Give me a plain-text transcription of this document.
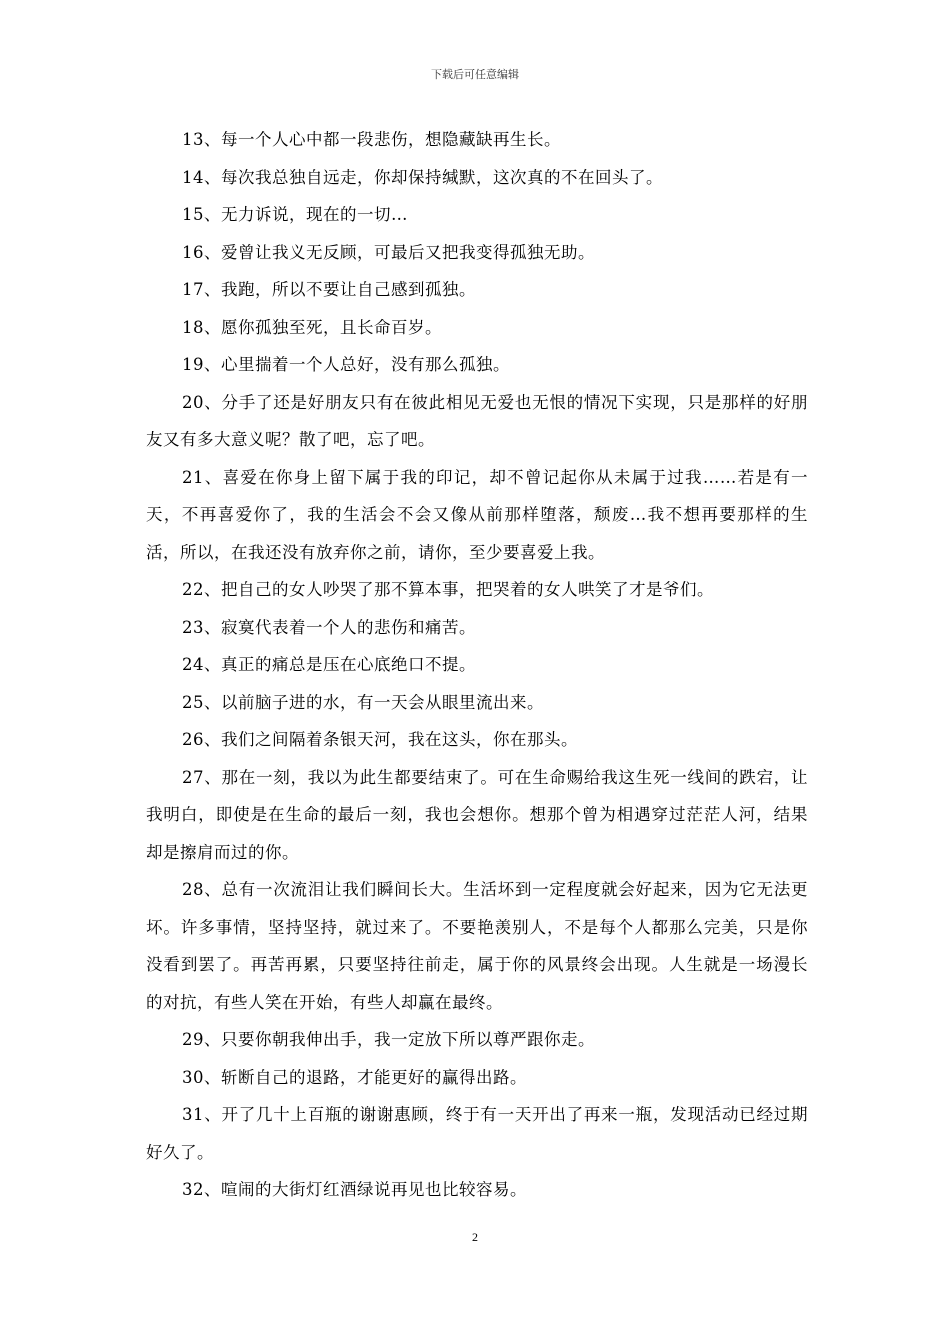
下载后可任意编辑

13、每一个人心中都一段悲伤，想隐藏缺再生长。

14、每次我总独自远走，你却保持缄默，这次真的不在回头了。

15、无力诉说，现在的一切…

16、爱曾让我义无反顾，可最后又把我变得孤独无助。

17、我跑，所以不要让自己感到孤独。

18、愿你孤独至死，且长命百岁。

19、心里揣着一个人总好，没有那么孤独。

20、分手了还是好朋友只有在彼此相见无爱也无恨的情况下实现，只是那样的好朋友又有多大意义呢？散了吧，忘了吧。

21、喜爱在你身上留下属于我的印记，却不曾记起你从未属于过我……若是有一天，不再喜爱你了，我的生活会不会又像从前那样堕落，颓废…我不想再要那样的生活，所以，在我还没有放弃你之前，请你，至少要喜爱上我。

22、把自己的女人吵哭了那不算本事，把哭着的女人哄笑了才是爷们。

23、寂寞代表着一个人的悲伤和痛苦。

24、真正的痛总是压在心底绝口不提。

25、以前脑子进的水，有一天会从眼里流出来。

26、我们之间隔着条银天河，我在这头，你在那头。

27、那在一刻，我以为此生都要结束了。可在生命赐给我这生死一线间的跌宕，让我明白，即使是在生命的最后一刻，我也会想你。想那个曾为相遇穿过茫茫人河，结果却是擦肩而过的你。

28、总有一次流泪让我们瞬间长大。生活坏到一定程度就会好起来，因为它无法更坏。许多事情，坚持坚持，就过来了。不要艳羡别人，不是每个人都那么完美，只是你没看到罢了。再苦再累，只要坚持往前走，属于你的风景终会出现。人生就是一场漫长的对抗，有些人笑在开始，有些人却赢在最终。

29、只要你朝我伸出手，我一定放下所以尊严跟你走。

30、斩断自己的退路，才能更好的赢得出路。

31、开了几十上百瓶的谢谢惠顾，终于有一天开出了再来一瓶，发现活动已经过期好久了。

32、喧闹的大街灯红酒绿说再见也比较容易。

2
